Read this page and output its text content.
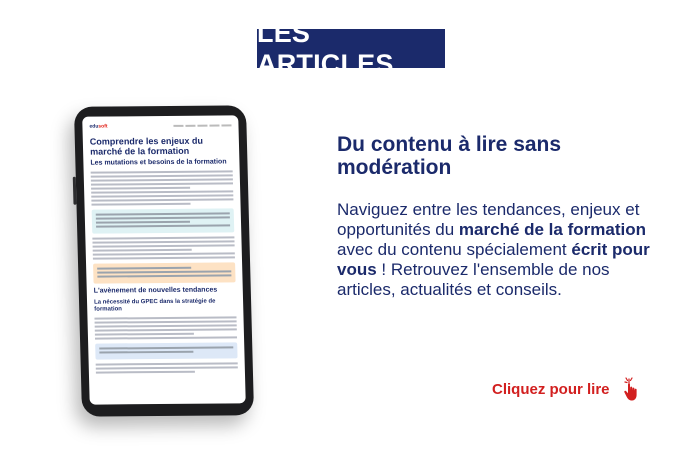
LES ARTICLES
edusoft
Comprendre les enjeux du marché de la formation
Les mutations et besoins de la formation
L'avènement de nouvelles tendances
La nécessité du GPEC dans la stratégie de formation
Du contenu à lire sans modération
Naviguez entre les tendances, enjeux et opportunités du marché de la formation avec du contenu spécialement écrit pour vous ! Retrouvez l'ensemble de nos articles, actualités et conseils.
Cliquez pour lire
